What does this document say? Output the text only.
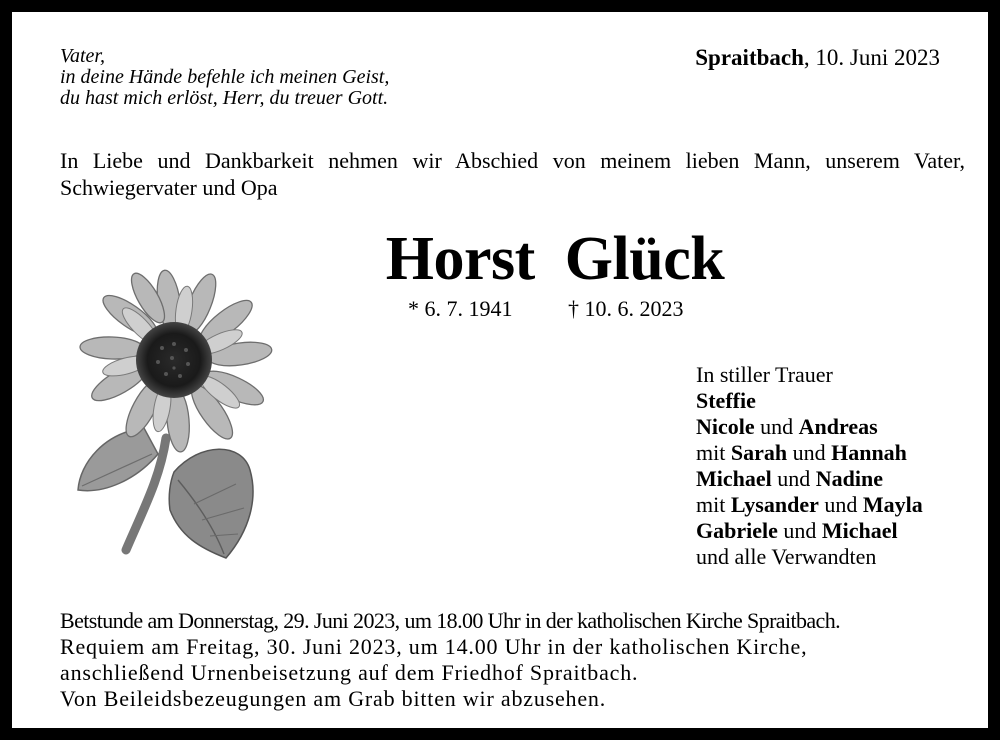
Vater,
in deine Hände befehle ich meinen Geist,
du hast mich erlöst, Herr, du treuer Gott.
Spraitbach, 10. Juni 2023
In Liebe und Dankbarkeit nehmen wir Abschied von meinem lieben Mann, unserem Vater, Schwiegervater und Opa
Horst  Glück
* 6. 7. 1941	† 10. 6. 2023
In stiller Trauer
Steffie
Nicole und Andreas
mit Sarah und Hannah
Michael und Nadine
mit Lysander und Mayla
Gabriele und Michael
und alle Verwandten
Betstunde am Donnerstag, 29. Juni 2023, um 18.00 Uhr in der katholischen Kirche Spraitbach.
Requiem am Freitag, 30. Juni 2023, um 14.00 Uhr in der katholischen Kirche,
anschließend Urnenbeisetzung auf dem Friedhof Spraitbach.
Von Beileidsbezeugungen am Grab bitten wir abzusehen.
